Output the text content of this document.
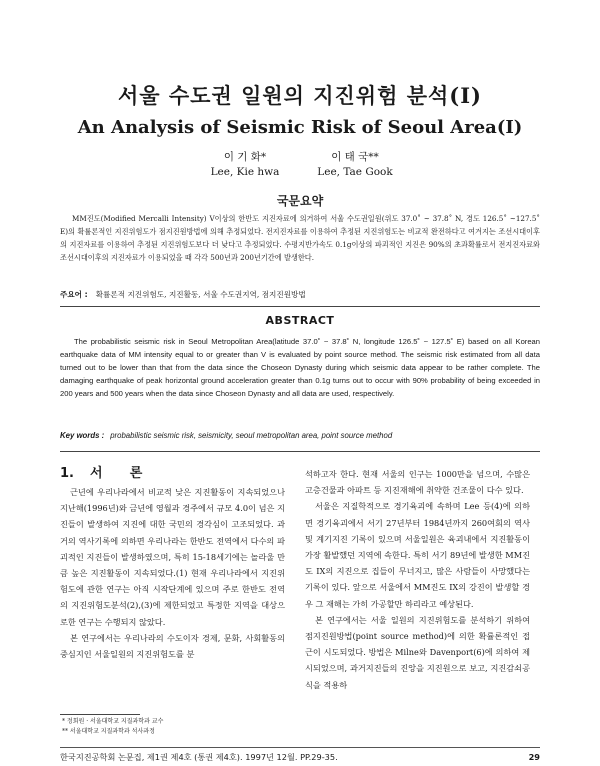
서울 수도권 일원의 지진위험 분석(I)
An Analysis of Seismic Risk of Seoul Area(I)
이 기 화*	이 태 국**
Lee, Kie hwa	Lee, Tae Gook
국문요약
MM진도(Modified Mercalli Intensity) V이상의 한반도 지진자료에 의거하여 서울 수도권일원(위도 37.0˚ ~ 37.8˚ N, 경도 126.5˚ ~127.5˚ E)의 확률론적인 지진위험도가 점지진원방법에 의해 추정되었다. 전지진자료를 이용하여 추정된 지진위험도는 비교적 완전하다고 여겨지는 조선시대이후의 지진자료를 이용하여 추정된 지진위험도보다 더 낮다고 추정되었다. 수평지반가속도 0.1g이상의 파괴적인 지진은 90%의 초과확률로서 전지진자료와 조선시대이후의 지진자료가 이용되었을 때 각각 500년과 200년기간에 발생한다.
주요어 : 확률론적 지진위험도, 지진활동, 서울 수도권지역, 점지진원방법
ABSTRACT
The probabilistic seismic risk in Seoul Metropolitan Area(latitude 37.0˚ ~ 37.8˚ N, longitude 126.5˚ ~ 127.5˚ E) based on all Korean earthquake data of MM intensity equal to or greater than V is evaluated by point source method. The seismic risk estimated from all data turned out to be lower than that from the data since the Choseon Dynasty during which seismic data appear to be rather complete. The damaging earthquake of peak horizontal ground acceleration greater than 0.1g turns out to occur with 90% probability of being exceeded in 200 years and 500 years when the data since Choseon Dynasty and all data are used, respectively.
Key words : probabilistic seismic risk, seismicity, seoul metropolitan area, point source method
1. 서      론

근년에 우리나라에서 비교적 낮은 지진활동이 지속되었으나 지난해(1996년)와 금년에 영월과 경주에서 규모 4.0이 넘은 지진들이 발생하여 지진에 대한 국민의 경각심이 고조되었다. 과거의 역사기록에 의하면 우리나라는 한반도 전역에서 다수의 파괴적인 지진들이 발생하였으며, 특히 15-18세기에는 놀라울 만큼 높은 지진활동이 지속되었다.(1) 현재 우리나라에서 지진위험도에 관한 연구는 아직 시작단계에 있으며 주로 한반도 전역의 지진위험도분석(2),(3)에 제한되었고 특정한 지역을 대상으로한 연구는 수행되지 않았다.

본 연구에서는 우리나라의 수도이자 경제, 문화, 사회활동의 중심지인 서울일원의 지진위험도를 분

석하고자 한다. 현재 서울의 인구는 1000만을 넘으며, 수많은 고층건물과 아파트 등 지진재해에 취약한 건조물이 다수 있다.

서울은 지질학적으로 경기육괴에 속하며 Lee 등(4)에 의하면 경기육괴에서 서기 27년부터 1984년까지 260여회의 역사 및 계기지진 기록이 있으며 서울일원은 육괴내에서 지진활동이 가장 활발했던 지역에 속한다. 특히 서기 89년에 발생한 MM진도 IX의 지진으로 집들이 무너지고, 많은 사람들이 사망했다는 기록이 있다. 앞으로 서울에서 MM진도 IX의 강진이 발생할 경우 그 재해는 가히 가공할만 하리라고 예상된다.

본 연구에서는 서울 일원의 지진위험도를 분석하기 위하여 점지진원방법(point source method)에 의한 확률론적인 접근이 시도되었다. 방법은 Milne와 Davenport(6)에 의하여 제시되었으며, 과거지진들의 진앙을 지진원으로 보고, 지진감쇠공식을 적용하

* 정회원 · 서울대학교 지질과학과 교수
** 서울대학교 지질과학과 석사과정
한국지진공학회 논문집, 제1권 제4호 (통권 제4호). 1997년 12월. PP.29-35.	29
